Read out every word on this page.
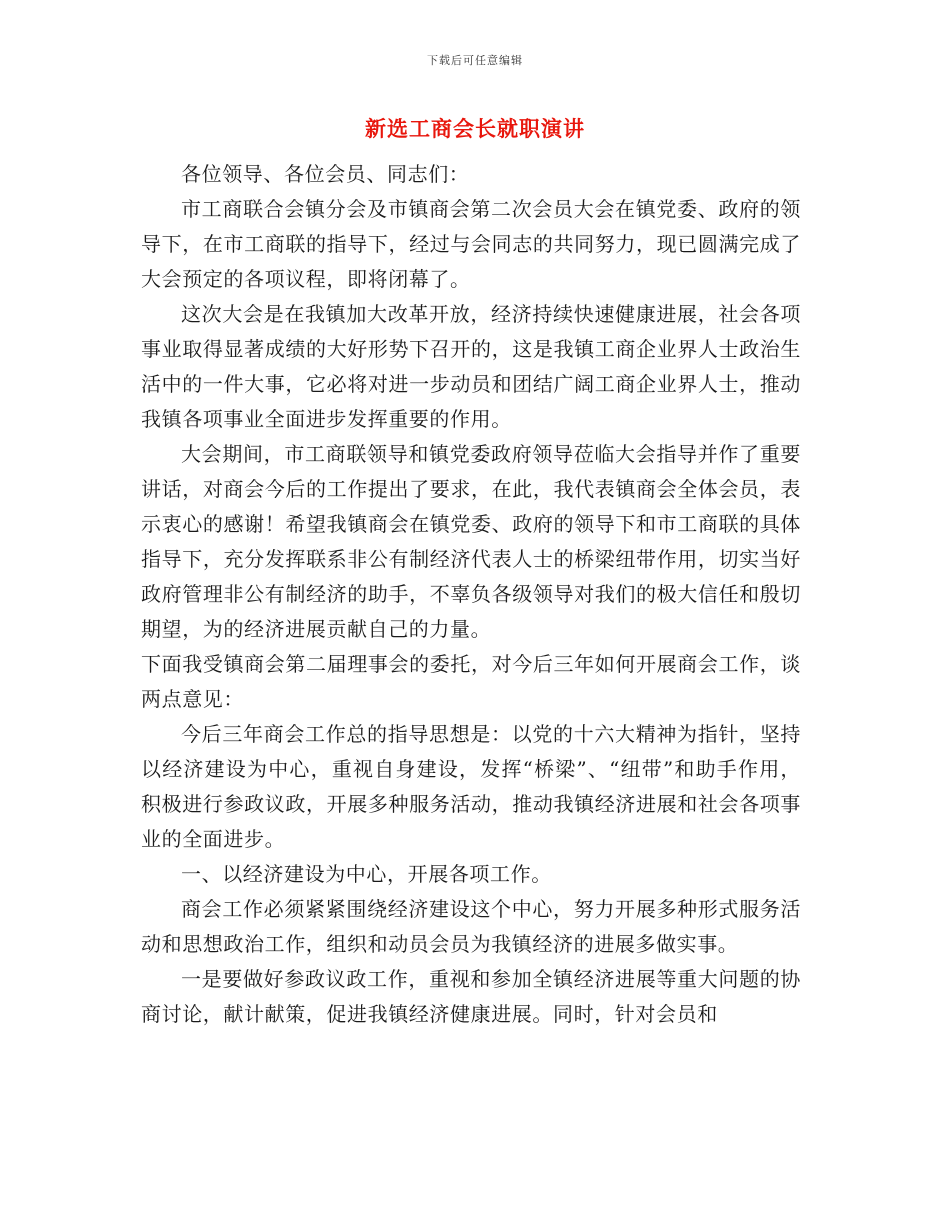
下载后可任意编辑
新选工商会长就职演讲

各位领导、各位会员、同志们：

市工商联合会镇分会及市镇商会第二次会员大会在镇党委、政府的领导下，在市工商联的指导下，经过与会同志的共同努力，现已圆满完成了大会预定的各项议程，即将闭幕了。

这次大会是在我镇加大改革开放，经济持续快速健康进展，社会各项事业取得显著成绩的大好形势下召开的，这是我镇工商企业界人士政治生活中的一件大事，它必将对进一步动员和团结广阔工商企业界人士，推动我镇各项事业全面进步发挥重要的作用。

大会期间，市工商联领导和镇党委政府领导莅临大会指导并作了重要讲话，对商会今后的工作提出了要求，在此，我代表镇商会全体会员，表示衷心的感谢！希望我镇商会在镇党委、政府的领导下和市工商联的具体指导下，充分发挥联系非公有制经济代表人士的桥梁纽带作用，切实当好政府管理非公有制经济的助手，不辜负各级领导对我们的极大信任和殷切期望，为的经济进展贡献自己的力量。

下面我受镇商会第二届理事会的委托，对今后三年如何开展商会工作，谈两点意见：

今后三年商会工作总的指导思想是：以党的十六大精神为指针，坚持以经济建设为中心，重视自身建设，发挥“桥梁”、“纽带”和助手作用，积极进行参政议政，开展多种服务活动，推动我镇经济进展和社会各项事业的全面进步。

一、以经济建设为中心，开展各项工作。

商会工作必须紧紧围绕经济建设这个中心，努力开展多种形式服务活动和思想政治工作，组织和动员会员为我镇经济的进展多做实事。

一是要做好参政议政工作，重视和参加全镇经济进展等重大问题的协商讨论，献计献策，促进我镇经济健康进展。同时，针对会员和
